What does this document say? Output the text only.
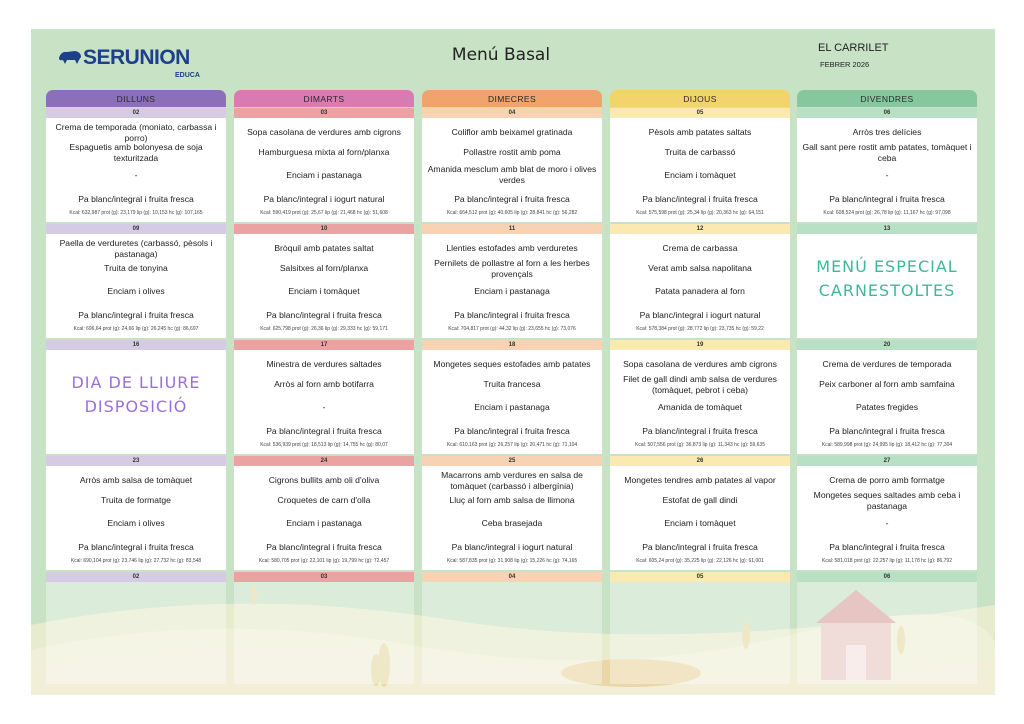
SERUNION
EDUCA
Menú Basal	EL CARRILET
FEBRER 2026
DILLUNS
02
Crema de temporada (moniato, carbassa i porro)
Espaguetis amb bolonyesa de soja texturitzada
-
Pa blanc/integral i fruita fresca
Kcal: 632,987 prot (g): 23,179 lip (g): 10,153 hc (g): 107,165
09
Paella de verduretes (carbassó, pèsols i pastanaga)
Truita de tonyina
Enciam i olives
Pa blanc/integral i fruita fresca
Kcal: 696,64 prot (g): 24,66 lip (g): 26,245 hc (g): 86,697
16
DIA DE LLIURE
DISPOSICIÓ
23
Arròs amb salsa de tomàquet
Truita de formatge
Enciam i olives
Pa blanc/integral i fruita fresca
Kcal: 690,104 prot (g): 23,746 lip (g): 27,732 hc (g): 83,548
02
DIMARTS
03
Sopa casolana de verdures amb cigrons
Hamburguesa mixta al forn/planxa
Enciam i pastanaga
Pa blanc/integral i iogurt natural
Kcal: 590,419 prot (g): 25,67 lip (g): 21,468 hc (g): 51,608
10
Bròquil amb patates saltat
Salsitxes al forn/planxa
Enciam i tomàquet
Pa blanc/integral i fruita fresca
Kcal: 625,798 prot (g): 26,36 lip (g): 29,333 hc (g): 59,171
17
Minestra de verdures saltades
Arròs al forn amb botifarra
-
Pa blanc/integral i fruita fresca
Kcal: 536,939 prot (g): 18,513 lip (g): 14,755 hc (g): 80,07
24
Cigrons bullits amb oli d'oliva
Croquetes de carn d'olla
Enciam i pastanaga
Pa blanc/integral i fruita fresca
Kcal: 580,705 prot (g): 22,101 lip (g): 19,799 hc (g): 72,457
03
DIMECRES
04
Coliflor amb beixamel gratinada
Pollastre rostit amb poma
Amanida mesclum amb blat de moro i olives verdes
Pa blanc/integral i fruita fresca
Kcal: 664,512 prot (g): 40,605 lip (g): 28,841 hc (g): 56,282
11
Llenties estofades amb verduretes
Pernilets de pollastre al forn a les herbes provençals
Enciam i pastanaga
Pa blanc/integral i fruita fresca
Kcal: 704,817 prot (g): 44,32 lip (g): 23,655 hc (g): 73,076
18
Mongetes seques estofades amb patates
Truita francesa
Enciam i pastanaga
Pa blanc/integral i fruita fresca
Kcal: 610,163 prot (g): 26,257 lip (g): 20,471 hc (g): 71,104
25
Macarrons amb verdures en salsa de tomàquet (carbassó i albergínia)
Lluç al forn amb salsa de llimona
Ceba brasejada
Pa blanc/integral i iogurt natural
Kcal: 587,835 prot (g): 31,908 lip (g): 15,226 hc (g): 74,165
04
DIJOUS
05
Pèsols amb patates saltats
Truita de carbassó
Enciam i tomàquet
Pa blanc/integral i fruita fresca
Kcal: 575,598 prot (g): 25,34 lip (g): 20,363 hc (g): 64,151
12
Crema de carbassa
Verat amb salsa napolitana
Patata panadera al forn
Pa blanc/integral i iogurt natural
Kcal: 578,384 prot (g): 28,772 lip (g): 23,735 hc (g): 59,22
19
Sopa casolana de verdures amb cigrons
Filet de gall dindi amb salsa de verdures (tomàquet, pebrot i ceba)
Amanida de tomàquet
Pa blanc/integral i fruita fresca
Kcal: 507,556 prot (g): 36,873 lip (g): 11,343 hc (g): 59,635
26
Mongetes tendres amb patates al vapor
Estofat de gall dindi
Enciam i tomàquet
Pa blanc/integral i fruita fresca
Kcal: 605,24 prot (g): 35,225 lip (g): 22,126 hc (g): 61,001
05
DIVENDRES
06
Arròs tres delícies
Gall sant pere rostit amb patates, tomàquet i ceba
-
Pa blanc/integral i fruita fresca
Kcal: 608,524 prot (g): 26,78 lip (g): 11,167 hc (g): 97,098
13
MENÚ ESPECIAL
CARNESTOLTES
20
Crema de verdures de temporada
Peix carboner al forn amb samfaina
Patates fregides
Pa blanc/integral i fruita fresca
Kcal: 589,998 prot (g): 24,995 lip (g): 18,412 hc (g): 77,304
27
Crema de porro amb formatge
Mongetes seques saltades amb ceba i pastanaga
-
Pa blanc/integral i fruita fresca
Kcal: 581,018 prot (g): 22,257 lip (g): 11,178 hc (g): 86,792
06
